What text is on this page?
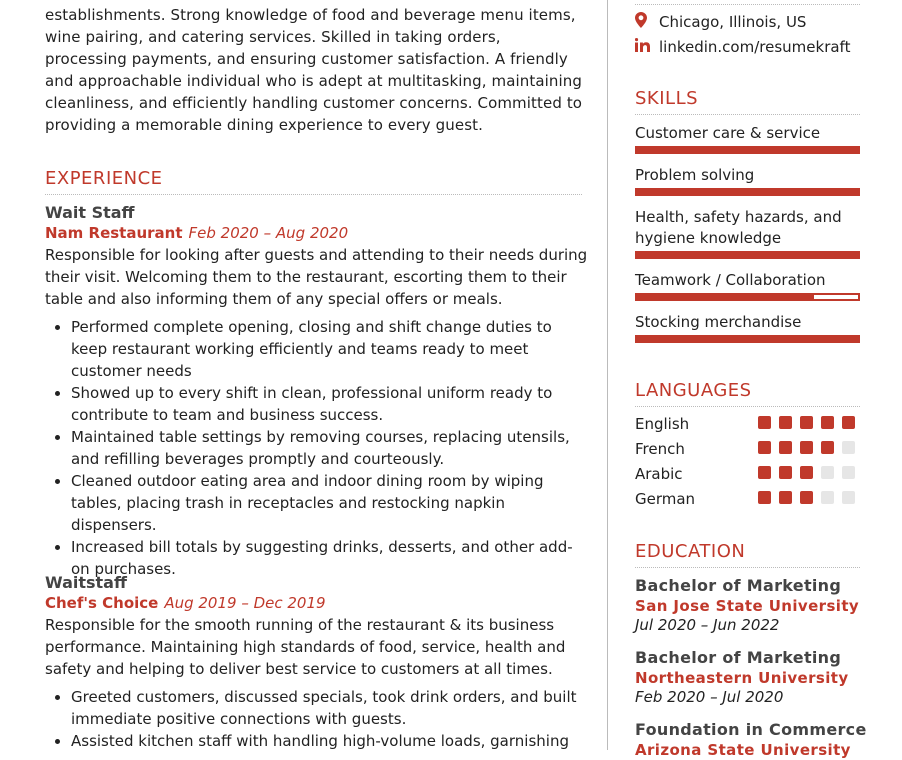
establishments. Strong knowledge of food and beverage menu items, wine pairing, and catering services. Skilled in taking orders, processing payments, and ensuring customer satisfaction. A friendly and approachable individual who is adept at multitasking, maintaining cleanliness, and efficiently handling customer concerns. Committed to providing a memorable dining experience to every guest.
EXPERIENCE
Wait Staff
Nam Restaurant Feb 2020 – Aug 2020
Responsible for looking after guests and attending to their needs during their visit. Welcoming them to the restaurant, escorting them to their table and also informing them of any special offers or meals.
• Performed complete opening, closing and shift change duties to keep restaurant working efficiently and teams ready to meet customer needs
• Showed up to every shift in clean, professional uniform ready to contribute to team and business success.
• Maintained table settings by removing courses, replacing utensils, and refilling beverages promptly and courteously.
• Cleaned outdoor eating area and indoor dining room by wiping tables, placing trash in receptacles and restocking napkin dispensers.
• Increased bill totals by suggesting drinks, desserts, and other add-on purchases.
Waitstaff
Chef's Choice Aug 2019 – Dec 2019
Responsible for the smooth running of the restaurant & its business performance. Maintaining high standards of food, service, health and safety and helping to deliver best service to customers at all times.
• Greeted customers, discussed specials, took drink orders, and built immediate positive connections with guests.
• Assisted kitchen staff with handling high-volume loads, garnishing
Chicago, Illinois, US
linkedin.com/resumekraft
SKILLS
Customer care & service
Problem solving
Health, safety hazards, and hygiene knowledge
Teamwork / Collaboration
Stocking merchandise
LANGUAGES
English
French
Arabic
German
EDUCATION
Bachelor of Marketing
San Jose State University
Jul 2020 – Jun 2022
Bachelor of Marketing
Northeastern University
Feb 2020 – Jul 2020
Foundation in Commerce
Arizona State University
